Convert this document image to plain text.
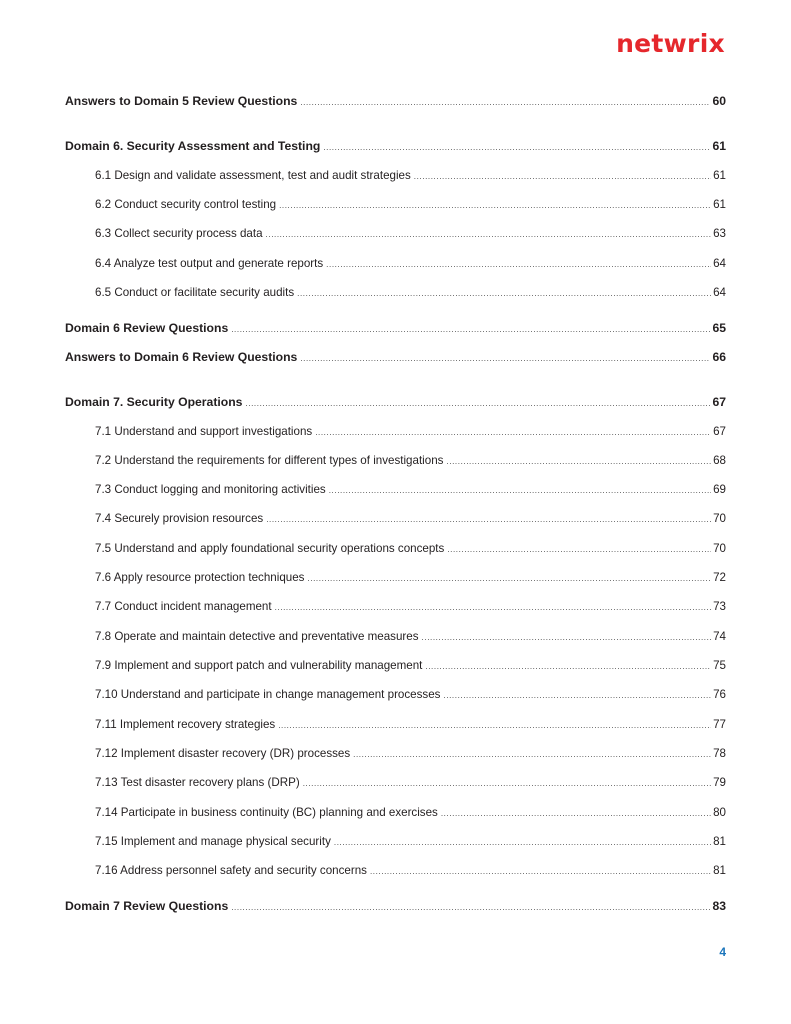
netwrix
Answers to Domain 5 Review Questions .....	60
Domain 6. Security Assessment and Testing .....	61
6.1 Design and validate assessment, test and audit strategies .....	61
6.2 Conduct security control testing .....	61
6.3 Collect security process data .....	63
6.4 Analyze test output and generate reports .....	64
6.5 Conduct or facilitate security audits .....	64
Domain 6 Review Questions .....	65
Answers to Domain 6 Review Questions .....	66
Domain 7. Security Operations .....	67
7.1 Understand and support investigations .....	67
7.2 Understand the requirements for different types of investigations .....	68
7.3 Conduct logging and monitoring activities .....	69
7.4 Securely provision resources .....	70
7.5 Understand and apply foundational security operations concepts .....	70
7.6 Apply resource protection techniques .....	72
7.7 Conduct incident management .....	73
7.8 Operate and maintain detective and preventative measures .....	74
7.9 Implement and support patch and vulnerability management .....	75
7.10 Understand and participate in change management processes .....	76
7.11 Implement recovery strategies .....	77
7.12 Implement disaster recovery (DR) processes .....	78
7.13 Test disaster recovery plans (DRP) .....	79
7.14 Participate in business continuity (BC) planning and exercises .....	80
7.15 Implement and manage physical security .....	81
7.16 Address personnel safety and security concerns .....	81
Domain 7 Review Questions .....	83
4
